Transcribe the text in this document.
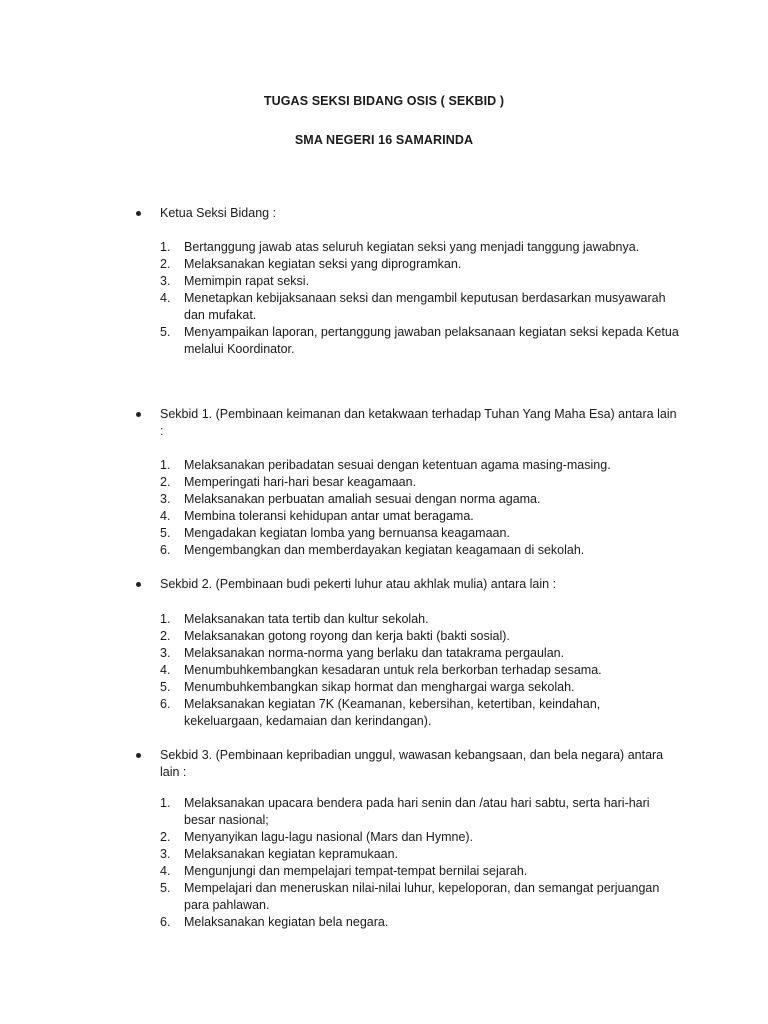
TUGAS SEKSI BIDANG OSIS ( SEKBID )
SMA NEGERI 16 SAMARINDA

Ketua Seksi Bidang :

1. Bertanggung jawab atas seluruh kegiatan seksi yang menjadi tanggung jawabnya.
2. Melaksanakan kegiatan seksi yang diprogramkan.
3. Memimpin rapat seksi.
4. Menetapkan kebijaksanaan seksi dan mengambil keputusan berdasarkan musyawarah dan mufakat.
5. Menyampaikan laporan, pertanggung jawaban pelaksanaan kegiatan seksi kepada Ketua melalui Koordinator.

Sekbid 1. (Pembinaan keimanan dan ketakwaan terhadap Tuhan Yang Maha Esa) antara lain :

1. Melaksanakan peribadatan sesuai dengan ketentuan agama masing-masing.
2. Memperingati hari-hari besar keagamaan.
3. Melaksanakan perbuatan amaliah sesuai dengan norma agama.
4. Membina toleransi kehidupan antar umat beragama.
5. Mengadakan kegiatan lomba yang bernuansa keagamaan.
6. Mengembangkan dan memberdayakan kegiatan keagamaan di sekolah.

Sekbid 2. (Pembinaan budi pekerti luhur atau akhlak mulia) antara lain :

1. Melaksanakan tata tertib dan kultur sekolah.
2. Melaksanakan gotong royong dan kerja bakti (bakti sosial).
3. Melaksanakan norma-norma yang berlaku dan tatakrama pergaulan.
4. Menumbuhkembangkan kesadaran untuk rela berkorban terhadap sesama.
5. Menumbuhkembangkan sikap hormat dan menghargai warga sekolah.
6. Melaksanakan kegiatan 7K (Keamanan, kebersihan, ketertiban, keindahan, kekeluargaan, kedamaian dan kerindangan).

Sekbid 3. (Pembinaan kepribadian unggul, wawasan kebangsaan, dan bela negara) antara lain :

1. Melaksanakan upacara bendera pada hari senin dan /atau hari sabtu, serta hari-hari besar nasional;
2. Menyanyikan lagu-lagu nasional (Mars dan Hymne).
3. Melaksanakan kegiatan kepramukaan.
4. Mengunjungi dan mempelajari tempat-tempat bernilai sejarah.
5. Mempelajari dan meneruskan nilai-nilai luhur, kepeloporan, dan semangat perjuangan para pahlawan.
6. Melaksanakan kegiatan bela negara.
